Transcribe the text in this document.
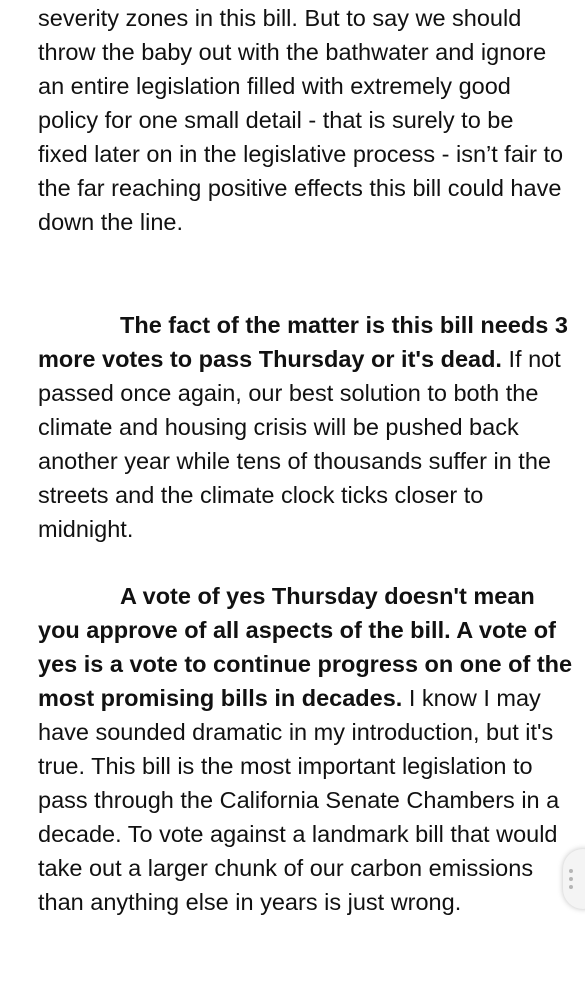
severity zones in this bill. But to say we should throw the baby out with the bathwater and ignore an entire legislation filled with extremely good policy for one small detail - that is surely to be fixed later on in the legislative process - isn’t fair to the far reaching positive effects this bill could have down the line.

The fact of the matter is this bill needs 3 more votes to pass Thursday or it's dead. If not passed once again, our best solution to both the climate and housing crisis will be pushed back another year while tens of thousands suffer in the streets and the climate clock ticks closer to midnight.

A vote of yes Thursday doesn't mean you approve of all aspects of the bill. A vote of yes is a vote to continue progress on one of the most promising bills in decades. I know I may have sounded dramatic in my introduction, but it's true. This bill is the most important legislation to pass through the California Senate Chambers in a decade. To vote against a landmark bill that would take out a larger chunk of our carbon emissions than anything else in years is just wrong.
